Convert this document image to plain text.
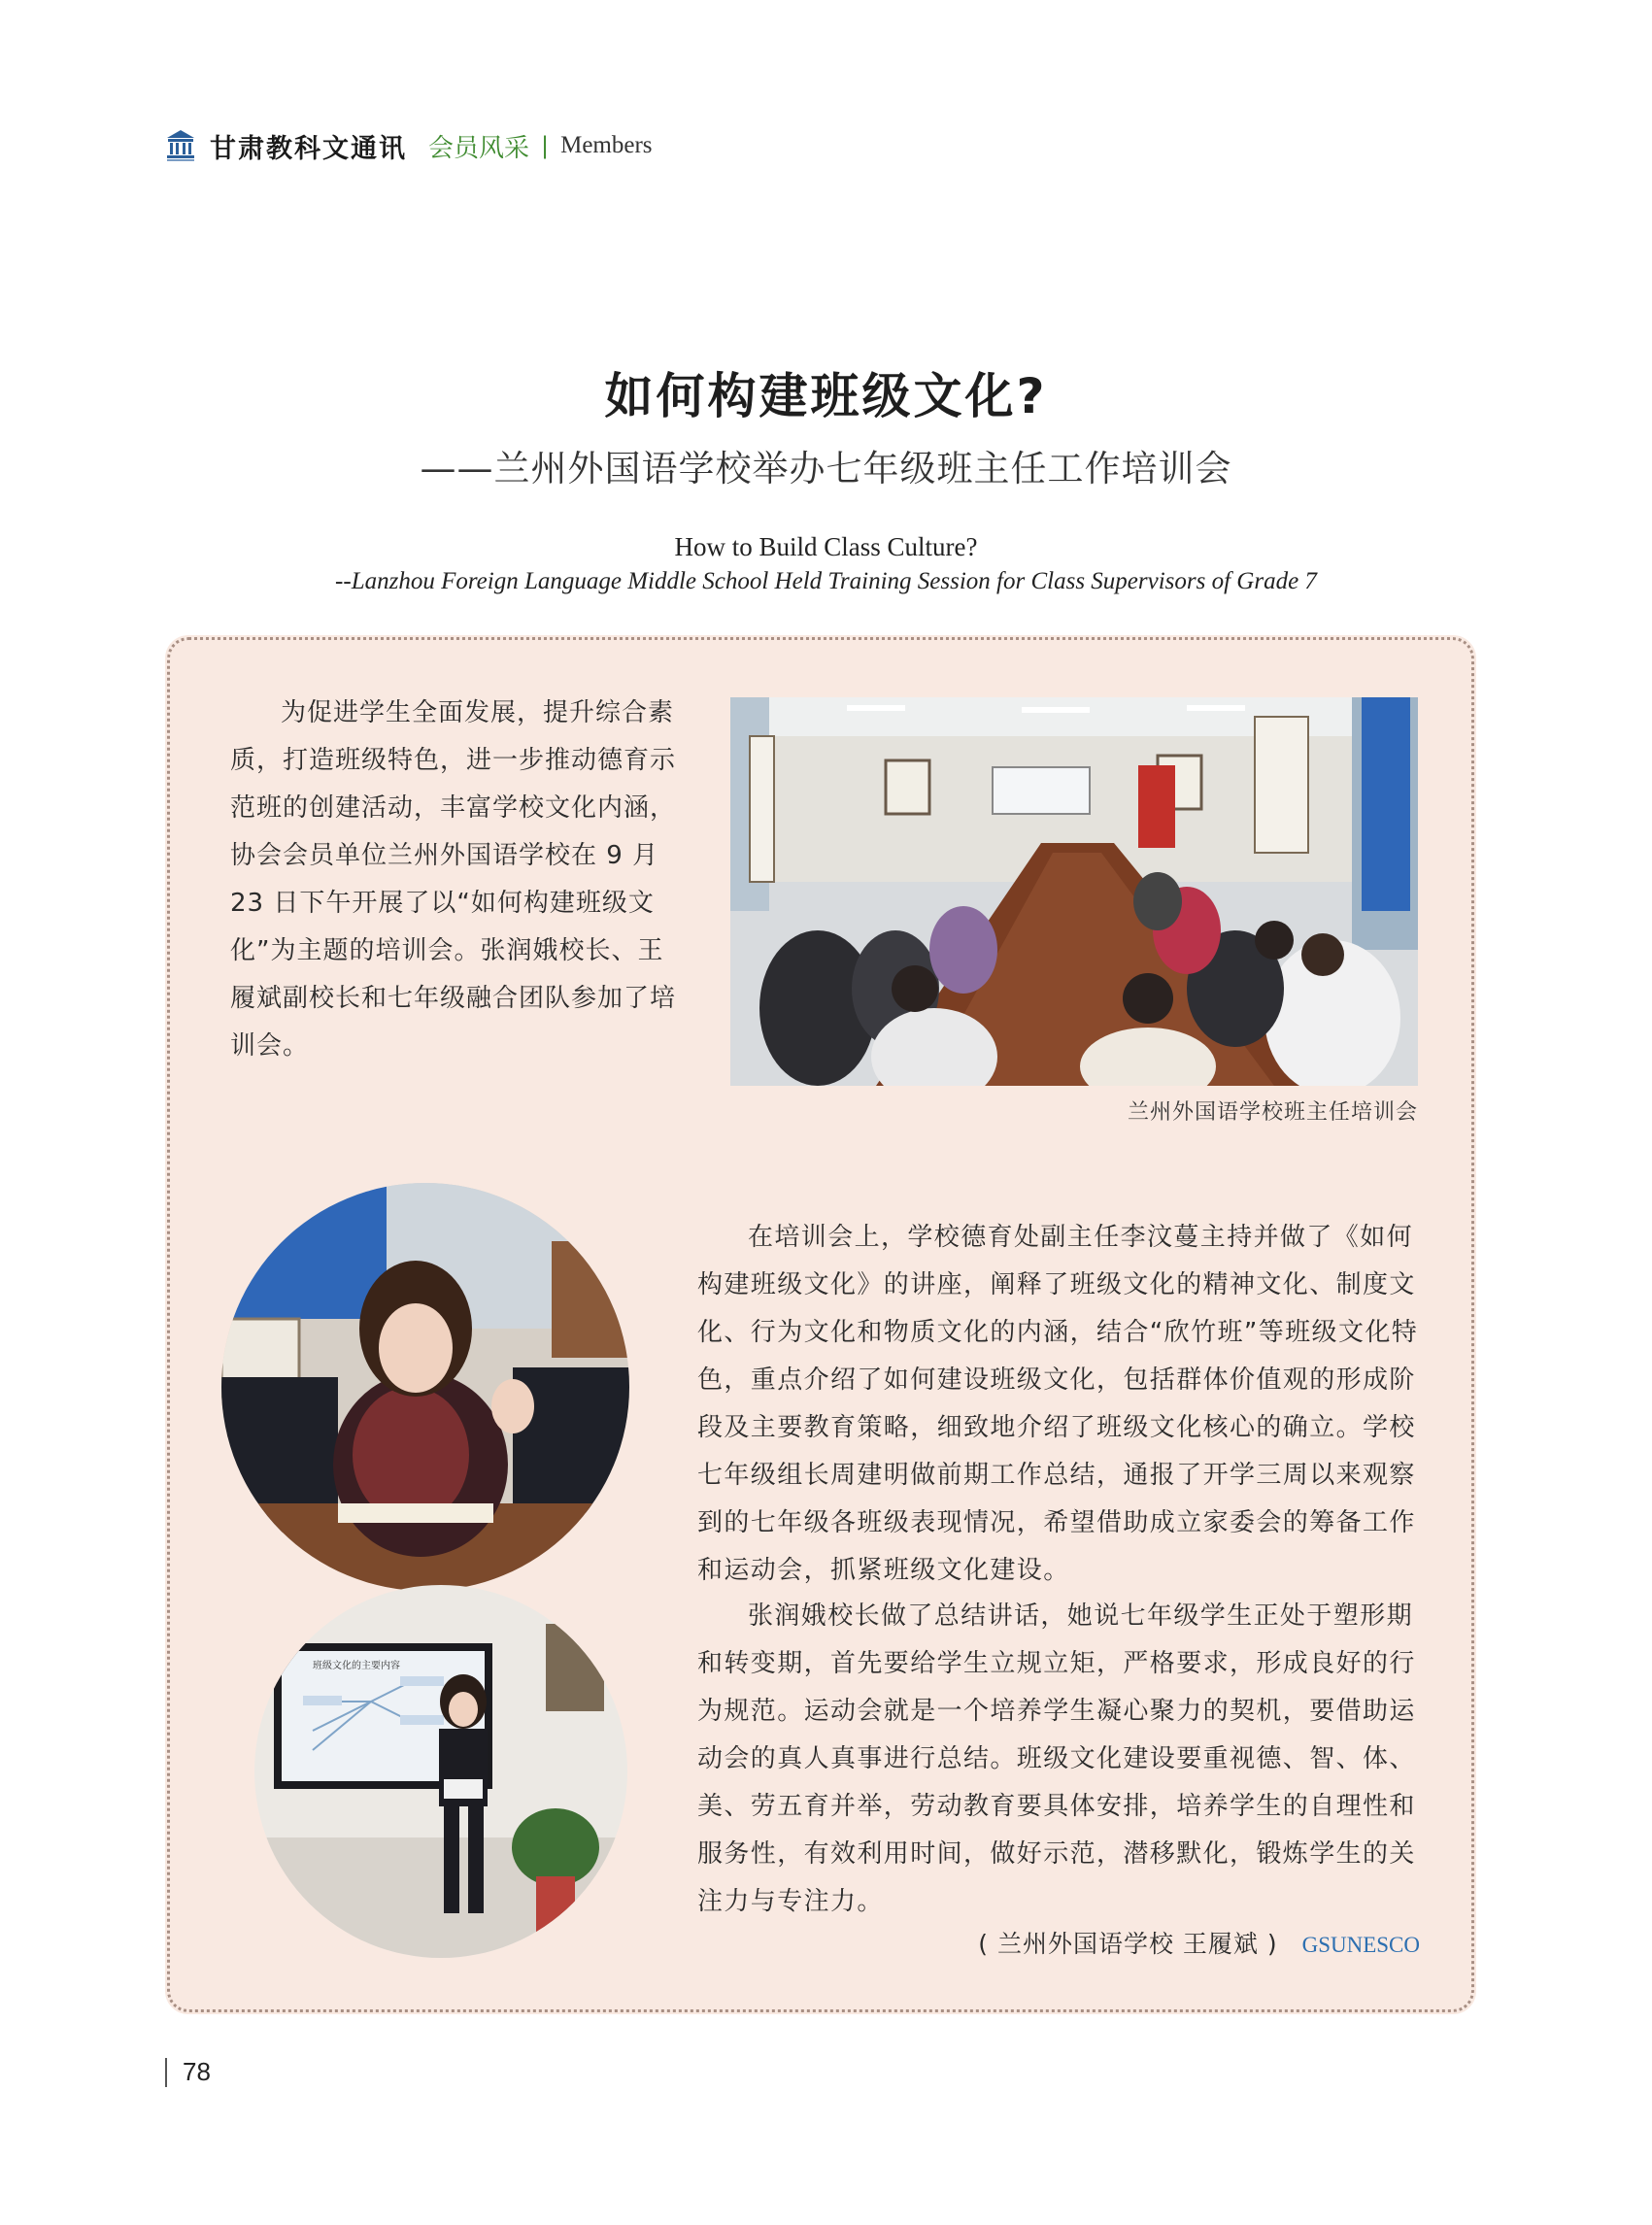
甘肃教科文通讯 会员风采 | Members
如何构建班级文化?
——兰州外国语学校举办七年级班主任工作培训会
How to Build Class Culture?
--Lanzhou Foreign Language Middle School Held Training Session for Class Supervisors of Grade 7
为促进学生全面发展，提升综合素质，打造班级特色，进一步推动德育示范班的创建活动，丰富学校文化内涵，协会会员单位兰州外国语学校在 9 月 23 日下午开展了以“如何构建班级文化”为主题的培训会。张润娥校长、王履斌副校长和七年级融合团队参加了培训会。
兰州外国语学校班主任培训会
班级文化的主要内容

在培训会上，学校德育处副主任李汶蔓主持并做了《如何构建班级文化》的讲座，阐释了班级文化的精神文化、制度文化、行为文化和物质文化的内涵，结合“欣竹班”等班级文化特色，重点介绍了如何建设班级文化，包括群体价值观的形成阶段及主要教育策略，细致地介绍了班级文化核心的确立。学校七年级组长周建明做前期工作总结，通报了开学三周以来观察到的七年级各班级表现情况，希望借助成立家委会的筹备工作和运动会，抓紧班级文化建设。

张润娥校长做了总结讲话，她说七年级学生正处于塑形期和转变期，首先要给学生立规立矩，严格要求，形成良好的行为规范。运动会就是一个培养学生凝心聚力的契机，要借助运动会的真人真事进行总结。班级文化建设要重视德、智、体、美、劳五育并举，劳动教育要具体安排，培养学生的自理性和服务性，有效利用时间，做好示范，潜移默化，锻炼学生的关注力与专注力。

( 兰州外国语学校 王履斌 ) GSUNESCO
78
